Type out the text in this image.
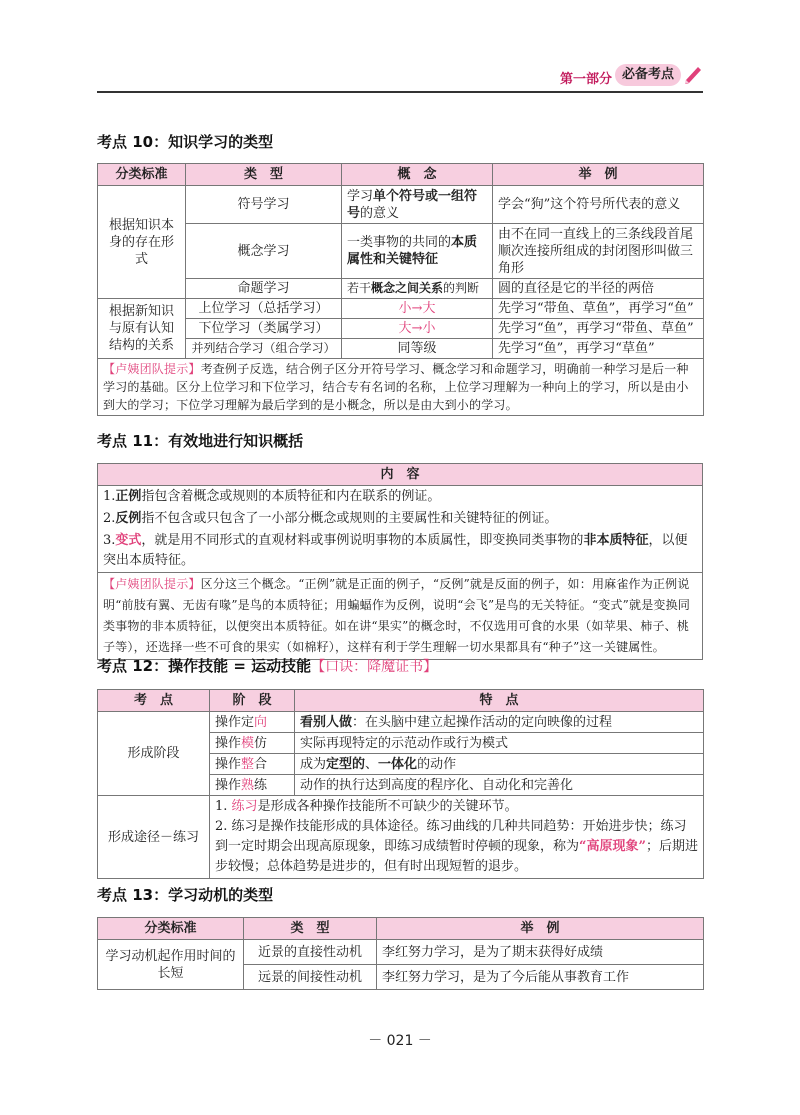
第一部分 必备考点
考点 10：知识学习的类型
分类标准	类　型	概　念	举　例
根据知识本身的存在形式	符号学习	学习单个符号或一组符号的意义	学会“狗”这个符号所代表的意义
	概念学习	一类事物的共同的本质属性和关键特征	由不在同一直线上的三条线段首尾顺次连接所组成的封闭图形叫做三角形
	命题学习	若干概念之间关系的判断	圆的直径是它的半径的两倍
根据新知识与原有认知结构的关系	上位学习（总括学习）	小→大	先学习“带鱼、草鱼”，再学习“鱼”
	下位学习（类属学习）	大→小	先学习“鱼”，再学习“带鱼、草鱼”
	并列结合学习（组合学习）	同等级	先学习“鱼”，再学习“草鱼”
【卢姨团队提示】考查例子反选，结合例子区分开符号学习、概念学习和命题学习，明确前一种学习是后一种学习的基础。区分上位学习和下位学习，结合专有名词的名称，上位学习理解为一种向上的学习，所以是由小到大的学习；下位学习理解为最后学到的是小概念，所以是由大到小的学习。			
考点 11：有效地进行知识概括
内　容
1.正例指包含着概念或规则的本质特征和内在联系的例证。
2.反例指不包含或只包含了一小部分概念或规则的主要属性和关键特征的例证。
3.变式，就是用不同形式的直观材料或事例说明事物的本质属性，即变换同类事物的非本质特征，以便突出本质特征。
【卢姨团队提示】区分这三个概念。“正例”就是正面的例子，“反例”就是反面的例子，如：用麻雀作为正例说明“前肢有翼、无齿有喙”是鸟的本质特征；用蝙蝠作为反例，说明“会飞”是鸟的无关特征。“变式”就是变换同类事物的非本质特征，以便突出本质特征。如在讲“果实”的概念时，不仅选用可食的水果（如苹果、柿子、桃子等），还选择一些不可食的果实（如棉籽），这样有利于学生理解一切水果都具有“种子”这一关键属性。
考点 12：操作技能 = 运动技能【口诀：降魔证书】
考　点	阶　段	特　点
形成阶段	操作定向	看别人做：在头脑中建立起操作活动的定向映像的过程
	操作模仿	实际再现特定的示范动作或行为模式
	操作整合	成为定型的、一体化的动作
	操作熟练	动作的执行达到高度的程序化、自动化和完善化
形成途径－练习	1. 练习是形成各种操作技能所不可缺少的关键环节。
2. 练习是操作技能形成的具体途径。练习曲线的几种共同趋势：开始进步快；练习到一定时期会出现高原现象，即练习成绩暂时停顿的现象，称为“高原现象”；后期进步较慢；总体趋势是进步的，但有时出现短暂的退步。	
考点 13：学习动机的类型
分类标准	类　型	举　例
学习动机起作用时间的长短	近景的直接性动机	李红努力学习，是为了期末获得好成绩
	远景的间接性动机	李红努力学习，是为了今后能从事教育工作
－ 021 －
